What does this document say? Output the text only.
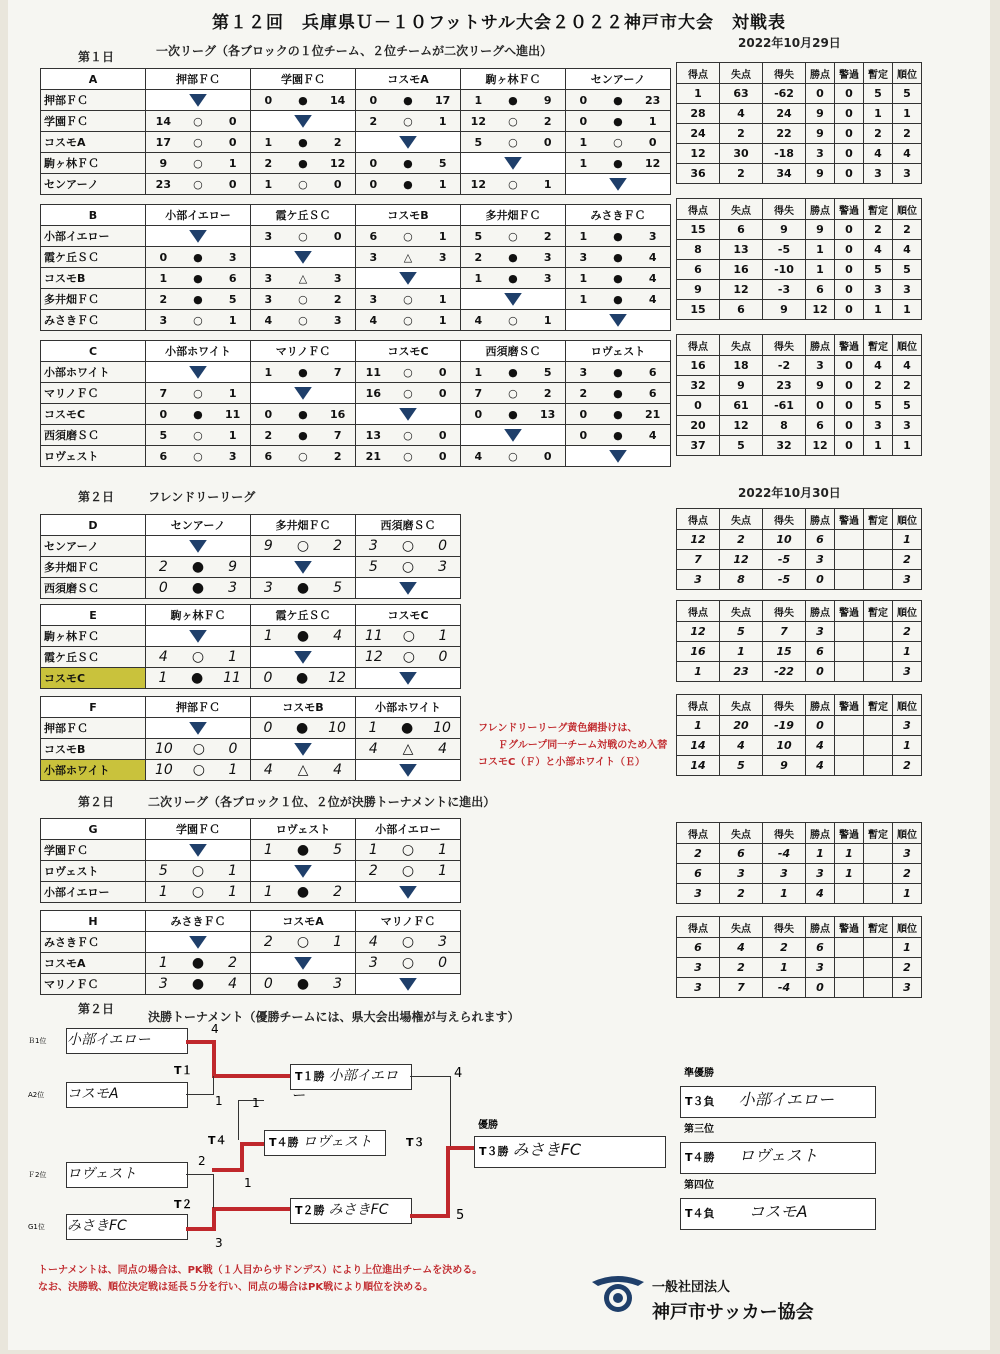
第１２回　兵庫県Ｕ－１０フットサル大会２０２２神戸市大会　対戦表
第１日	一次リーグ（各ブロックの１位チーム、２位チームが二次リーグへ進出）
2022年10月29日
第２日	フレンドリーリーグ	2022年10月30日
第２日	二次リーグ（各ブロック１位、２位が決勝トーナメントに進出）
フレンドリーリーグ黄色網掛けは、
Ｆグループ同一チーム対戦のため入替
コスモC（Ｆ）と小部ホワイト（Ｅ）
第２日
決勝トーナメント（優勝チームには、県大会出場権が与えられます）
Ｂ1位 小部イエロー
A2位 コスモA
Ｆ2位 ロヴェスト
G1位 みさきFC
4
1
T１
3
2
T２
T１勝 小部イエロー
T４勝 ロヴェスト
T２勝 みさきFC
T４
1
1
4
5
T３
優勝
T３勝 みさきFC
準優勝
T３負 小部イエロー
第三位
T４勝 ロヴェスト
第四位
T４負 コスモA
トーナメントは、同点の場合は、PK戦（１人目からサドンデス）により上位進出チームを決める。
なお、決勝戦、順位決定戦は延長５分を行い、同点の場合はPK戦により順位を決める。	一般社団法人
神戸市サッカー協会
A	押部ＦＣ	学園ＦＣ	コスモA	駒ヶ林ＦＣ	センアーノ
押部ＦＣ		0 ● 14	0 ● 17	1 ● 9	0 ● 23

学園ＦＣ	14 ○ 0		2 ○ 1	12 ○ 2	0 ● 1

コスモA	17 ○ 0	1 ● 2		5 ○ 0	1 ○ 0

駒ヶ林ＦＣ	9 ○ 1	2 ● 12	0 ● 5		1 ● 12

センアーノ	23 ○ 0	1 ○ 0	0 ● 1	12 ○ 1	

得点	失点	得失	勝点	警過	暫定	順位
1	63	-62	0	0	5	5
28	4	24	9	0	1	1
24	2	22	9	0	2	2
12	30	-18	3	0	4	4
36	2	34	9	0	3	3
B	小部イエロー	霞ケ丘ＳＣ	コスモB	多井畑ＦＣ	みさきＦＣ
小部イエロー		3 ○ 0	6 ○ 1	5 ○ 2	1 ● 3

霞ケ丘ＳＣ	0 ● 3		3 △ 3	2 ● 3	3 ● 4

コスモB	1 ● 6	3 △ 3		1 ● 3	1 ● 4

多井畑ＦＣ	2 ● 5	3 ○ 2	3 ○ 1		1 ● 4

みさきＦＣ	3 ○ 1	4 ○ 3	4 ○ 1	4 ○ 1	

得点	失点	得失	勝点	警過	暫定	順位
15	6	9	9	0	2	2
8	13	-5	1	0	4	4
6	16	-10	1	0	5	5
9	12	-3	6	0	3	3
15	6	9	12	0	1	1
C	小部ホワイト	マリノＦＣ	コスモC	西須磨ＳＣ	ロヴェスト
小部ホワイト		1 ● 7	11 ○ 0	1 ● 5	3 ● 6

マリノＦＣ	7 ○ 1		16 ○ 0	7 ○ 2	2 ● 6

コスモC	0 ● 11	0 ● 16		0 ● 13	0 ● 21

西須磨ＳＣ	5 ○ 1	2 ● 7	13 ○ 0		0 ● 4

ロヴェスト	6 ○ 3	6 ○ 2	21 ○ 0	4 ○ 0	

得点	失点	得失	勝点	警過	暫定	順位
16	18	-2	3	0	4	4
32	9	23	9	0	2	2
0	61	-61	0	0	5	5
20	12	8	6	0	3	3
37	5	32	12	0	1	1
D	センアーノ	多井畑ＦＣ	西須磨ＳＣ
センアーノ		9 ○ 2	3 ○ 0

多井畑ＦＣ	2 ● 9		5 ○ 3

西須磨ＳＣ	0 ● 3	3 ● 5	

得点	失点	得失	勝点	警過	暫定	順位
12	2	10	6			1
7	12	-5	3			2
3	8	-5	0			3
E	駒ヶ林ＦＣ	霞ケ丘ＳＣ	コスモC
駒ヶ林ＦＣ		1 ● 4	11 ○ 1

霞ケ丘ＳＣ	4 ○ 1		12 ○ 0

コスモC	1 ● 11	0 ● 12	

得点	失点	得失	勝点	警過	暫定	順位
12	5	7	3			2
16	1	15	6			1
1	23	-22	0			3
F	押部ＦＣ	コスモB	小部ホワイト
押部ＦＣ		0 ● 10	1 ● 10

コスモB	10 ○ 0		4 △ 4

小部ホワイト	10 ○ 1	4 △ 4	

得点	失点	得失	勝点	警過	暫定	順位
1	20	-19	0			3
14	4	10	4			1
14	5	9	4			2
G	学園ＦＣ	ロヴェスト	小部イエロー
学園ＦＣ		1 ● 5	1 ○ 1

ロヴェスト	5 ○ 1		2 ○ 1

小部イエロー	1 ○ 1	1 ● 2	

得点	失点	得失	勝点	警過	暫定	順位
2	6	-4	1	1		3
6	3	3	3	1		2
3	2	1	4			1
H	みさきＦＣ	コスモA	マリノＦＣ
みさきＦＣ		2 ○ 1	4 ○ 3

コスモA	1 ● 2		3 ○ 0

マリノＦＣ	3 ● 4	0 ● 3	

得点	失点	得失	勝点	警過	暫定	順位
6	4	2	6			1
3	2	1	3			2
3	7	-4	0			3
